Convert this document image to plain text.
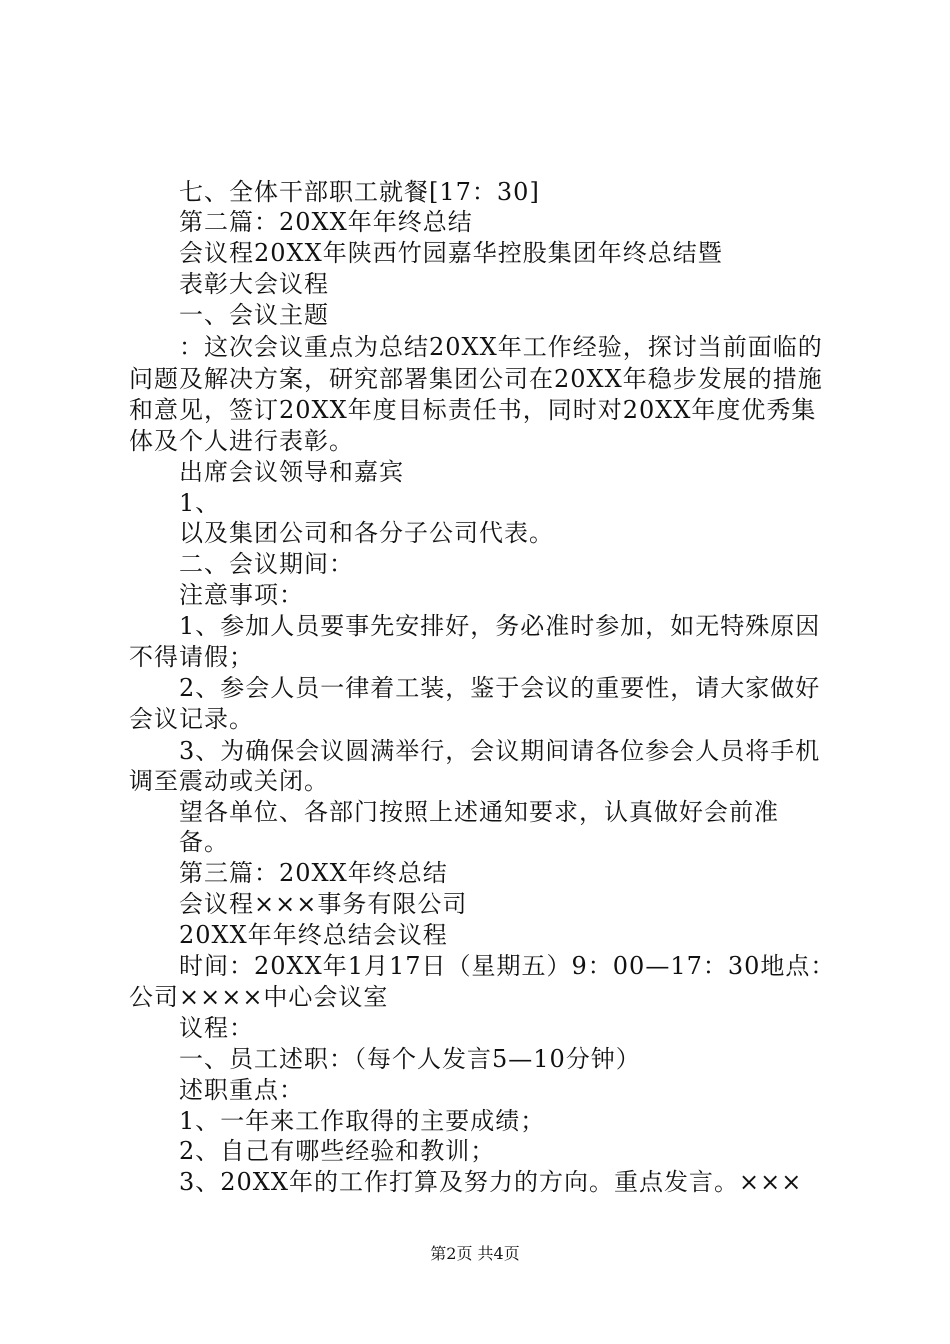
七、全体干部职工就餐[17：30]
第二篇：20XX年年终总结
会议程20XX年陕西竹园嘉华控股集团年终总结暨
表彰大会议程
一、会议主题
：这次会议重点为总结20XX年工作经验，探讨当前面临的
问题及解决方案，研究部署集团公司在20XX年稳步发展的措施
和意见，签订20XX年度目标责任书，同时对20XX年度优秀集
体及个人进行表彰。
出席会议领导和嘉宾
1、
以及集团公司和各分子公司代表。
二、会议期间：
注意事项：
1、参加人员要事先安排好，务必准时参加，如无特殊原因
不得请假；
2、参会人员一律着工装，鉴于会议的重要性，请大家做好
会议记录。
3、为确保会议圆满举行，会议期间请各位参会人员将手机
调至震动或关闭。
望各单位、各部门按照上述通知要求，认真做好会前准
备。
第三篇：20XX年终总结
会议程×××事务有限公司
20XX年年终总结会议程
时间：20XX年1月17日（星期五）9：00—17：30地点：
公司××××中心会议室
议程：
一、员工述职：（每个人发言5—10分钟）
述职重点：
1、一年来工作取得的主要成绩；
2、自己有哪些经验和教训；
3、20XX年的工作打算及努力的方向。重点发言。×××
第2页 共4页
